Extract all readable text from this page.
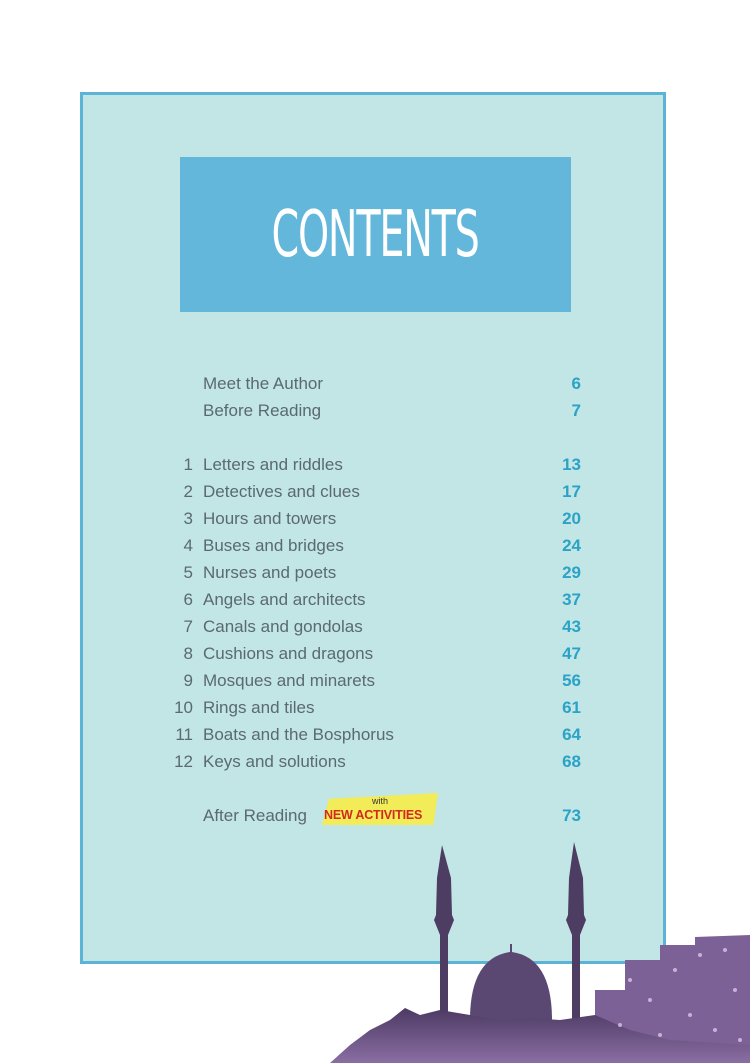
CONTENTS
Meet the Author	6
Before Reading	7
1 Letters and riddles	13
2 Detectives and clues	17
3 Hours and towers	20
4 Buses and bridges	24
5 Nurses and poets	29
6 Angels and architects	37
7 Canals and gondolas	43
8 Cushions and dragons	47
9 Mosques and minarets	56
10 Rings and tiles	61
11 Boats and the Bosphorus	64
12 Keys and solutions	68
After Reading	73
with
NEW ACTIVITIES
